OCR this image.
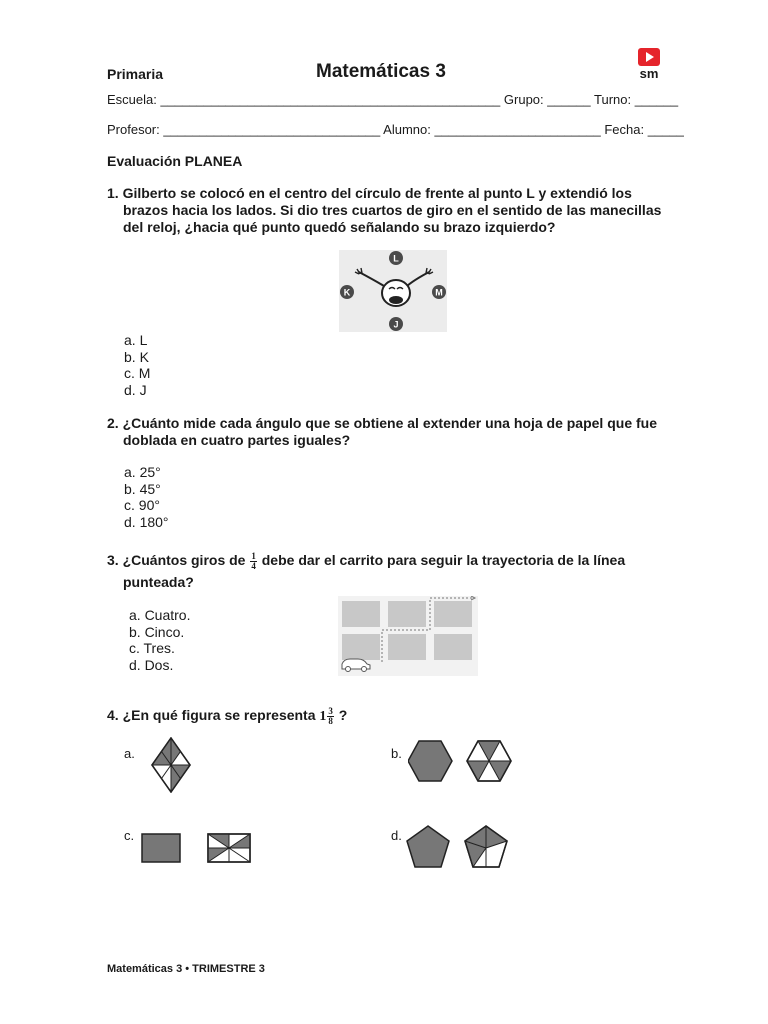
Primaria	Matemáticas 3	sm
Escuela: _______________________________________________ Grupo: ______ Turno: ______
Profesor: ______________________________ Alumno: _______________________ Fecha: _____
Evaluación PLANEA
1. Gilberto se colocó en el centro del círculo de frente al punto L y extendió los brazos hacia los lados. Si dio tres cuartos de giro en el sentido de las manecillas del reloj, ¿hacia qué punto quedó señalando su brazo izquierdo?
L
K	M
J
a. L
b. K
c. M
d. J
2. ¿Cuánto mide cada ángulo que se obtiene al extender una hoja de papel que fue doblada en cuatro partes iguales?
a. 25°
b. 45°
c. 90°
d. 180°
3. ¿Cuántos giros de $\frac{1}{4}$ debe dar el carrito para seguir la trayectoria de la línea
punteada?
a. Cuatro.
b. Cinco.
c. Tres.
d. Dos.
4. ¿En qué figura se representa $1 \frac{3}{8}$ ?
a.	b.
c.	d.
Matemáticas 3 • TRIMESTRE 3
